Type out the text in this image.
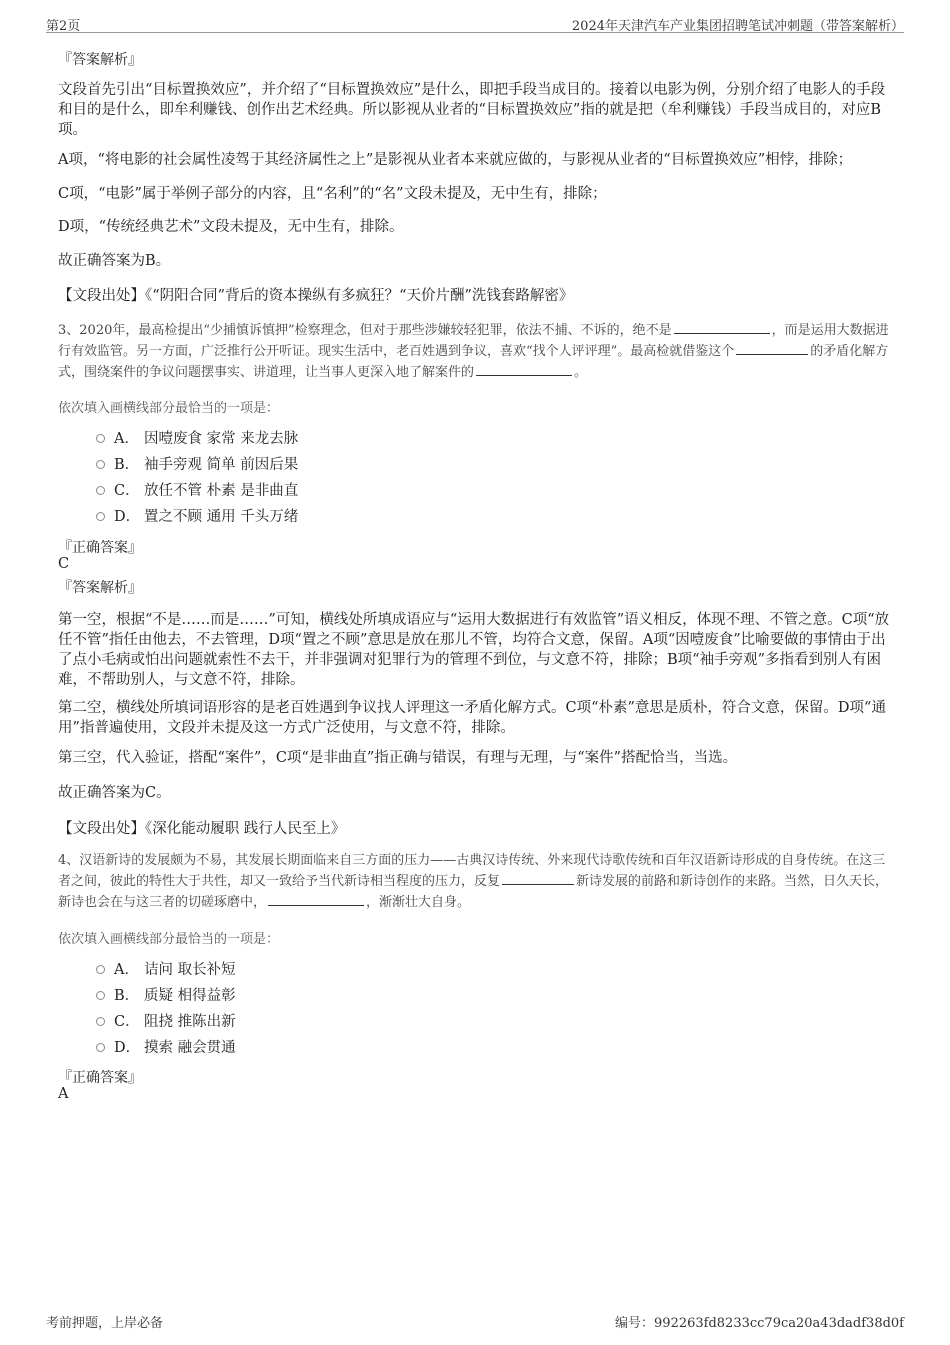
第2页	2024年天津汽车产业集团招聘笔试冲刺题（带答案解析）
『答案解析』
文段首先引出“目标置换效应”，并介绍了“目标置换效应”是什么，即把手段当成目的。接着以电影为例，分别介绍了电影人的手段和目的是什么，即牟利赚钱、创作出艺术经典。所以影视从业者的“目标置换效应”指的就是把（牟利赚钱）手段当成目的，对应B项。
A项，“将电影的社会属性凌驾于其经济属性之上”是影视从业者本来就应做的，与影视从业者的“目标置换效应”相悖，排除；
C项，“电影”属于举例子部分的内容，且“名利”的“名”文段未提及，无中生有，排除；
D项，“传统经典艺术”文段未提及，无中生有，排除。
故正确答案为B。
【文段出处】《“阴阳合同”背后的资本操纵有多疯狂？“天价片酬”洗钱套路解密》
3、2020年，最高检提出“少捕慎诉慎押”检察理念，但对于那些涉嫌较轻犯罪，依法不捕、不诉的，绝不是	，而是运用大数据进行有效监管。另一方面，广泛推行公开听证。现实生活中，老百姓遇到争议，喜欢“找个人评评理”。最高检就借鉴这个	的矛盾化解方式，围绕案件的争议问题摆事实、讲道理，让当事人更深入地了解案件的	。
依次填入画横线部分最恰当的一项是：
A． 因噎废食 家常 来龙去脉
B． 袖手旁观 简单 前因后果
C． 放任不管 朴素 是非曲直
D． 置之不顾 通用 千头万绪
『正确答案』
C
『答案解析』
第一空，根据“不是……而是……”可知，横线处所填成语应与“运用大数据进行有效监管”语义相反，体现不理、不管之意。C项“放任不管”指任由他去，不去管理，D项“置之不顾”意思是放在那儿不管，均符合文意，保留。A项“因噎废食”比喻要做的事情由于出了点小毛病或怕出问题就索性不去干，并非强调对犯罪行为的管理不到位，与文意不符，排除；B项“袖手旁观”多指看到别人有困难，不帮助别人，与文意不符，排除。
第二空，横线处所填词语形容的是老百姓遇到争议找人评理这一矛盾化解方式。C项“朴素”意思是质朴，符合文意，保留。D项“通用”指普遍使用，文段并未提及这一方式广泛使用，与文意不符，排除。
第三空，代入验证，搭配“案件”，C项“是非曲直”指正确与错误，有理与无理，与“案件”搭配恰当，当选。
故正确答案为C。
【文段出处】《深化能动履职 践行人民至上》
4、汉语新诗的发展颇为不易，其发展长期面临来自三方面的压力——古典汉诗传统、外来现代诗歌传统和百年汉语新诗形成的自身传统。在这三者之间，彼此的特性大于共性，却又一致给予当代新诗相当程度的压力，反复	新诗发展的前路和新诗创作的来路。当然，日久天长，新诗也会在与这三者的切磋琢磨中，	，渐渐壮大自身。
依次填入画横线部分最恰当的一项是：
A． 诘问 取长补短
B． 质疑 相得益彰
C． 阻挠 推陈出新
D． 摸索 融会贯通
『正确答案』
A
考前押题，上岸必备	编号：992263fd8233cc79ca20a43dadf38d0f
